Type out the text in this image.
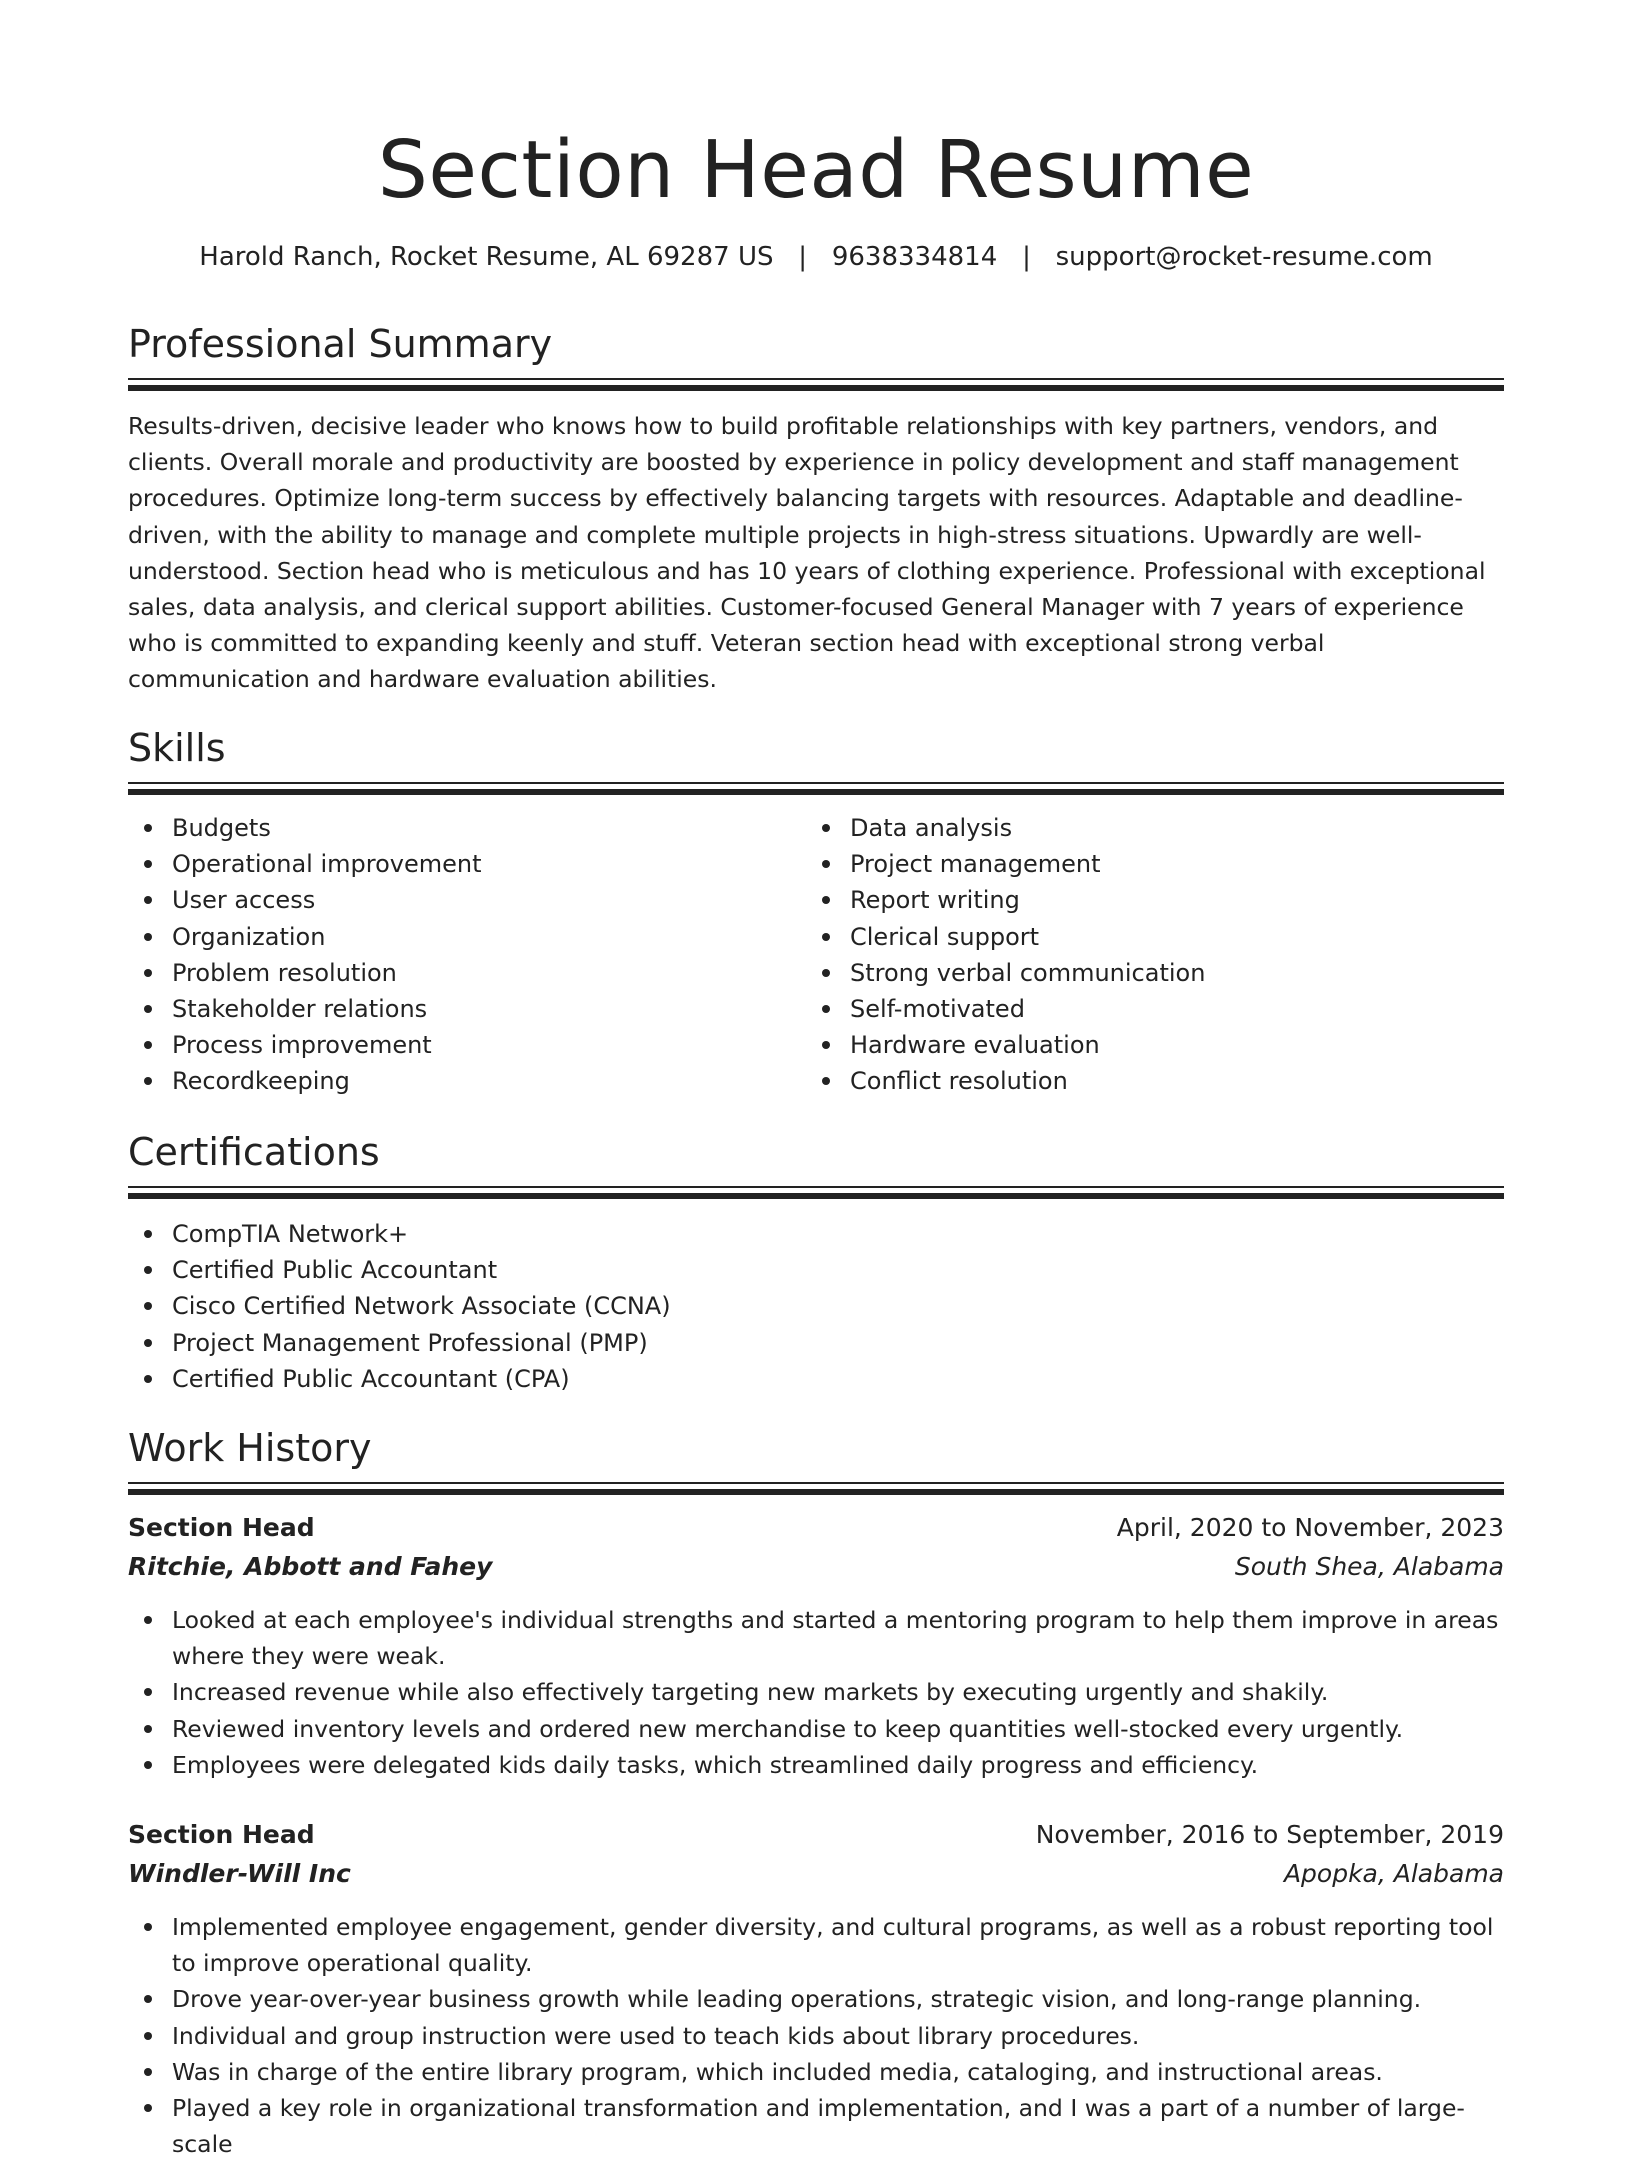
Section Head Resume
Harold Ranch, Rocket Resume, AL 69287 US | 9638334814 | support@rocket-resume.com
Professional Summary

Results-driven, decisive leader who knows how to build profitable relationships with key partners, vendors, and clients. Overall morale and productivity are boosted by experience in policy development and staff management procedures. Optimize long-term success by effectively balancing targets with resources. Adaptable and deadline-driven, with the ability to manage and complete multiple projects in high-stress situations. Upwardly are well-understood. Section head who is meticulous and has 10 years of clothing experience. Professional with exceptional sales, data analysis, and clerical support abilities. Customer-focused General Manager with 7 years of experience who is committed to expanding keenly and stuff. Veteran section head with exceptional strong verbal communication and hardware evaluation abilities.

Skills
Budgets
Operational improvement
User access
Organization
Problem resolution
Stakeholder relations
Process improvement
Recordkeeping
Data analysis
Project management
Report writing
Clerical support
Strong verbal communication
Self-motivated
Hardware evaluation
Conflict resolution
Certifications
CompTIA Network+
Certified Public Accountant
Cisco Certified Network Associate (CCNA)
Project Management Professional (PMP)
Certified Public Accountant (CPA)
Work History
Section Head	April, 2020 to November, 2023
Ritchie, Abbott and Fahey	South Shea, Alabama
Looked at each employee's individual strengths and started a mentoring program to help them improve in areas where they were weak.
Increased revenue while also effectively targeting new markets by executing urgently and shakily.
Reviewed inventory levels and ordered new merchandise to keep quantities well-stocked every urgently.
Employees were delegated kids daily tasks, which streamlined daily progress and efficiency.
Section Head	November, 2016 to September, 2019
Windler-Will Inc	Apopka, Alabama
Implemented employee engagement, gender diversity, and cultural programs, as well as a robust reporting tool to improve operational quality.
Drove year-over-year business growth while leading operations, strategic vision, and long-range planning.
Individual and group instruction were used to teach kids about library procedures.
Was in charge of the entire library program, which included media, cataloging, and instructional areas.
Played a key role in organizational transformation and implementation, and I was a part of a number of large-scale
